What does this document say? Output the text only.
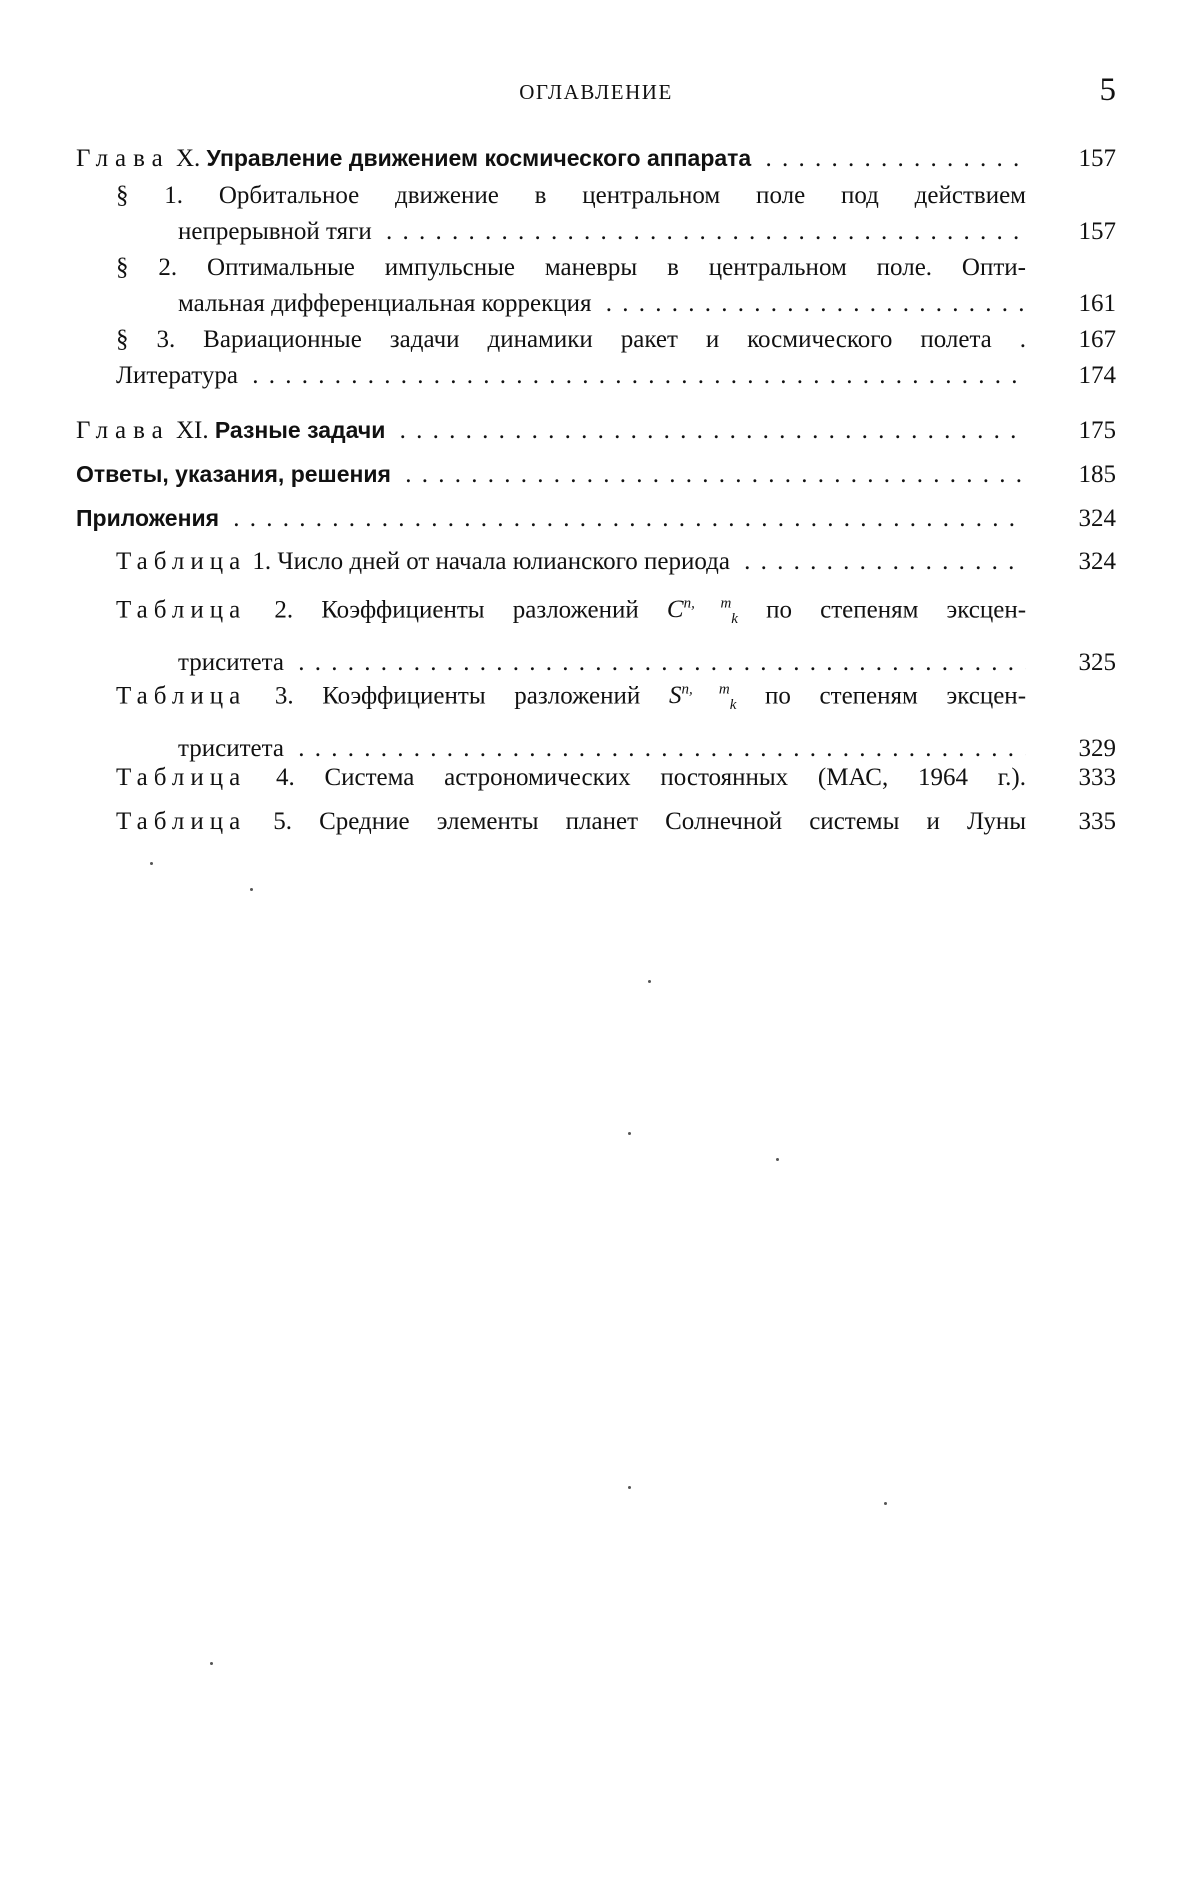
ОГЛАВЛЕНИЕ	5
Глава X. Управление движением космического аппарата . . .	157
§ 1. Орбитальное движение в центральном поле под действием
непрерывной тяги . . .	157
§ 2. Оптимальные импульсные маневры в центральном поле. Опти-
мальная дифференциальная коррекция . . .	161
§ 3. Вариационные задачи динамики ракет и космического полета .	167
Литература . . .	174
Глава XI. Разные задачи . . .	175
Ответы, указания, решения . . .	185
Приложения . . .	324
Таблица 1. Число дней от начала юлианского периода . . .	324
Таблица 2. Коэффициенты разложений C$^{n, m}_k$ по степеням эксцен-
триситета . . .	325
Таблица 3. Коэффициенты разложений S$^{n, m}_k$ по степеням эксцен-
триситета . . .	329
Таблица 4. Система астрономических постоянных (МАС, 1964 г.).	333
Таблица 5. Средние элементы планет Солнечной системы и Луны	335
